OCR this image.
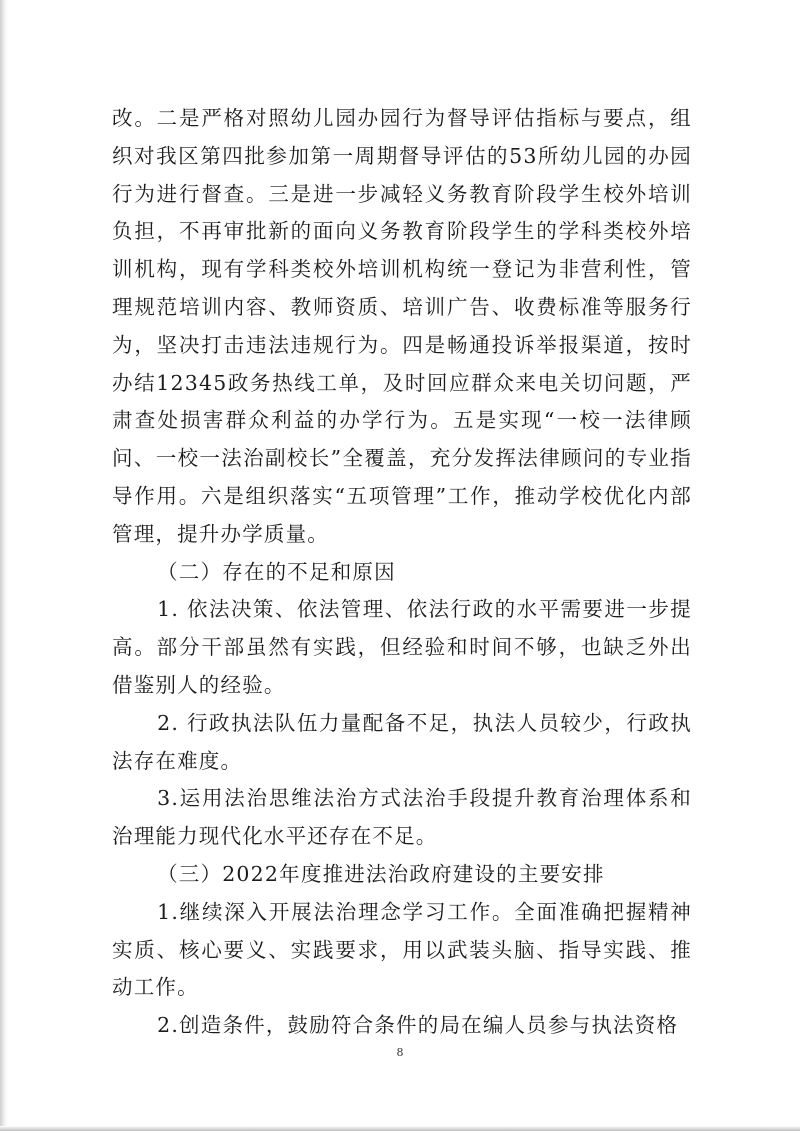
改。二是严格对照幼儿园办园行为督导评估指标与要点，组织对我区第四批参加第一周期督导评估的53所幼儿园的办园行为进行督查。三是进一步减轻义务教育阶段学生校外培训负担，不再审批新的面向义务教育阶段学生的学科类校外培训机构，现有学科类校外培训机构统一登记为非营利性，管理规范培训内容、教师资质、培训广告、收费标准等服务行为，坚决打击违法违规行为。四是畅通投诉举报渠道，按时办结12345政务热线工单，及时回应群众来电关切问题，严肃查处损害群众利益的办学行为。五是实现“一校一法律顾问、一校一法治副校长”全覆盖，充分发挥法律顾问的专业指导作用。六是组织落实“五项管理”工作，推动学校优化内部管理，提升办学质量。

（二）存在的不足和原因

1. 依法决策、依法管理、依法行政的水平需要进一步提高。部分干部虽然有实践，但经验和时间不够，也缺乏外出借鉴别人的经验。

2. 行政执法队伍力量配备不足，执法人员较少，行政执法存在难度。

3.运用法治思维法治方式法治手段提升教育治理体系和治理能力现代化水平还存在不足。

（三）2022年度推进法治政府建设的主要安排

1.继续深入开展法治理念学习工作。全面准确把握精神实质、核心要义、实践要求，用以武装头脑、指导实践、推动工作。

2.创造条件，鼓励符合条件的局在编人员参与执法资格

8
